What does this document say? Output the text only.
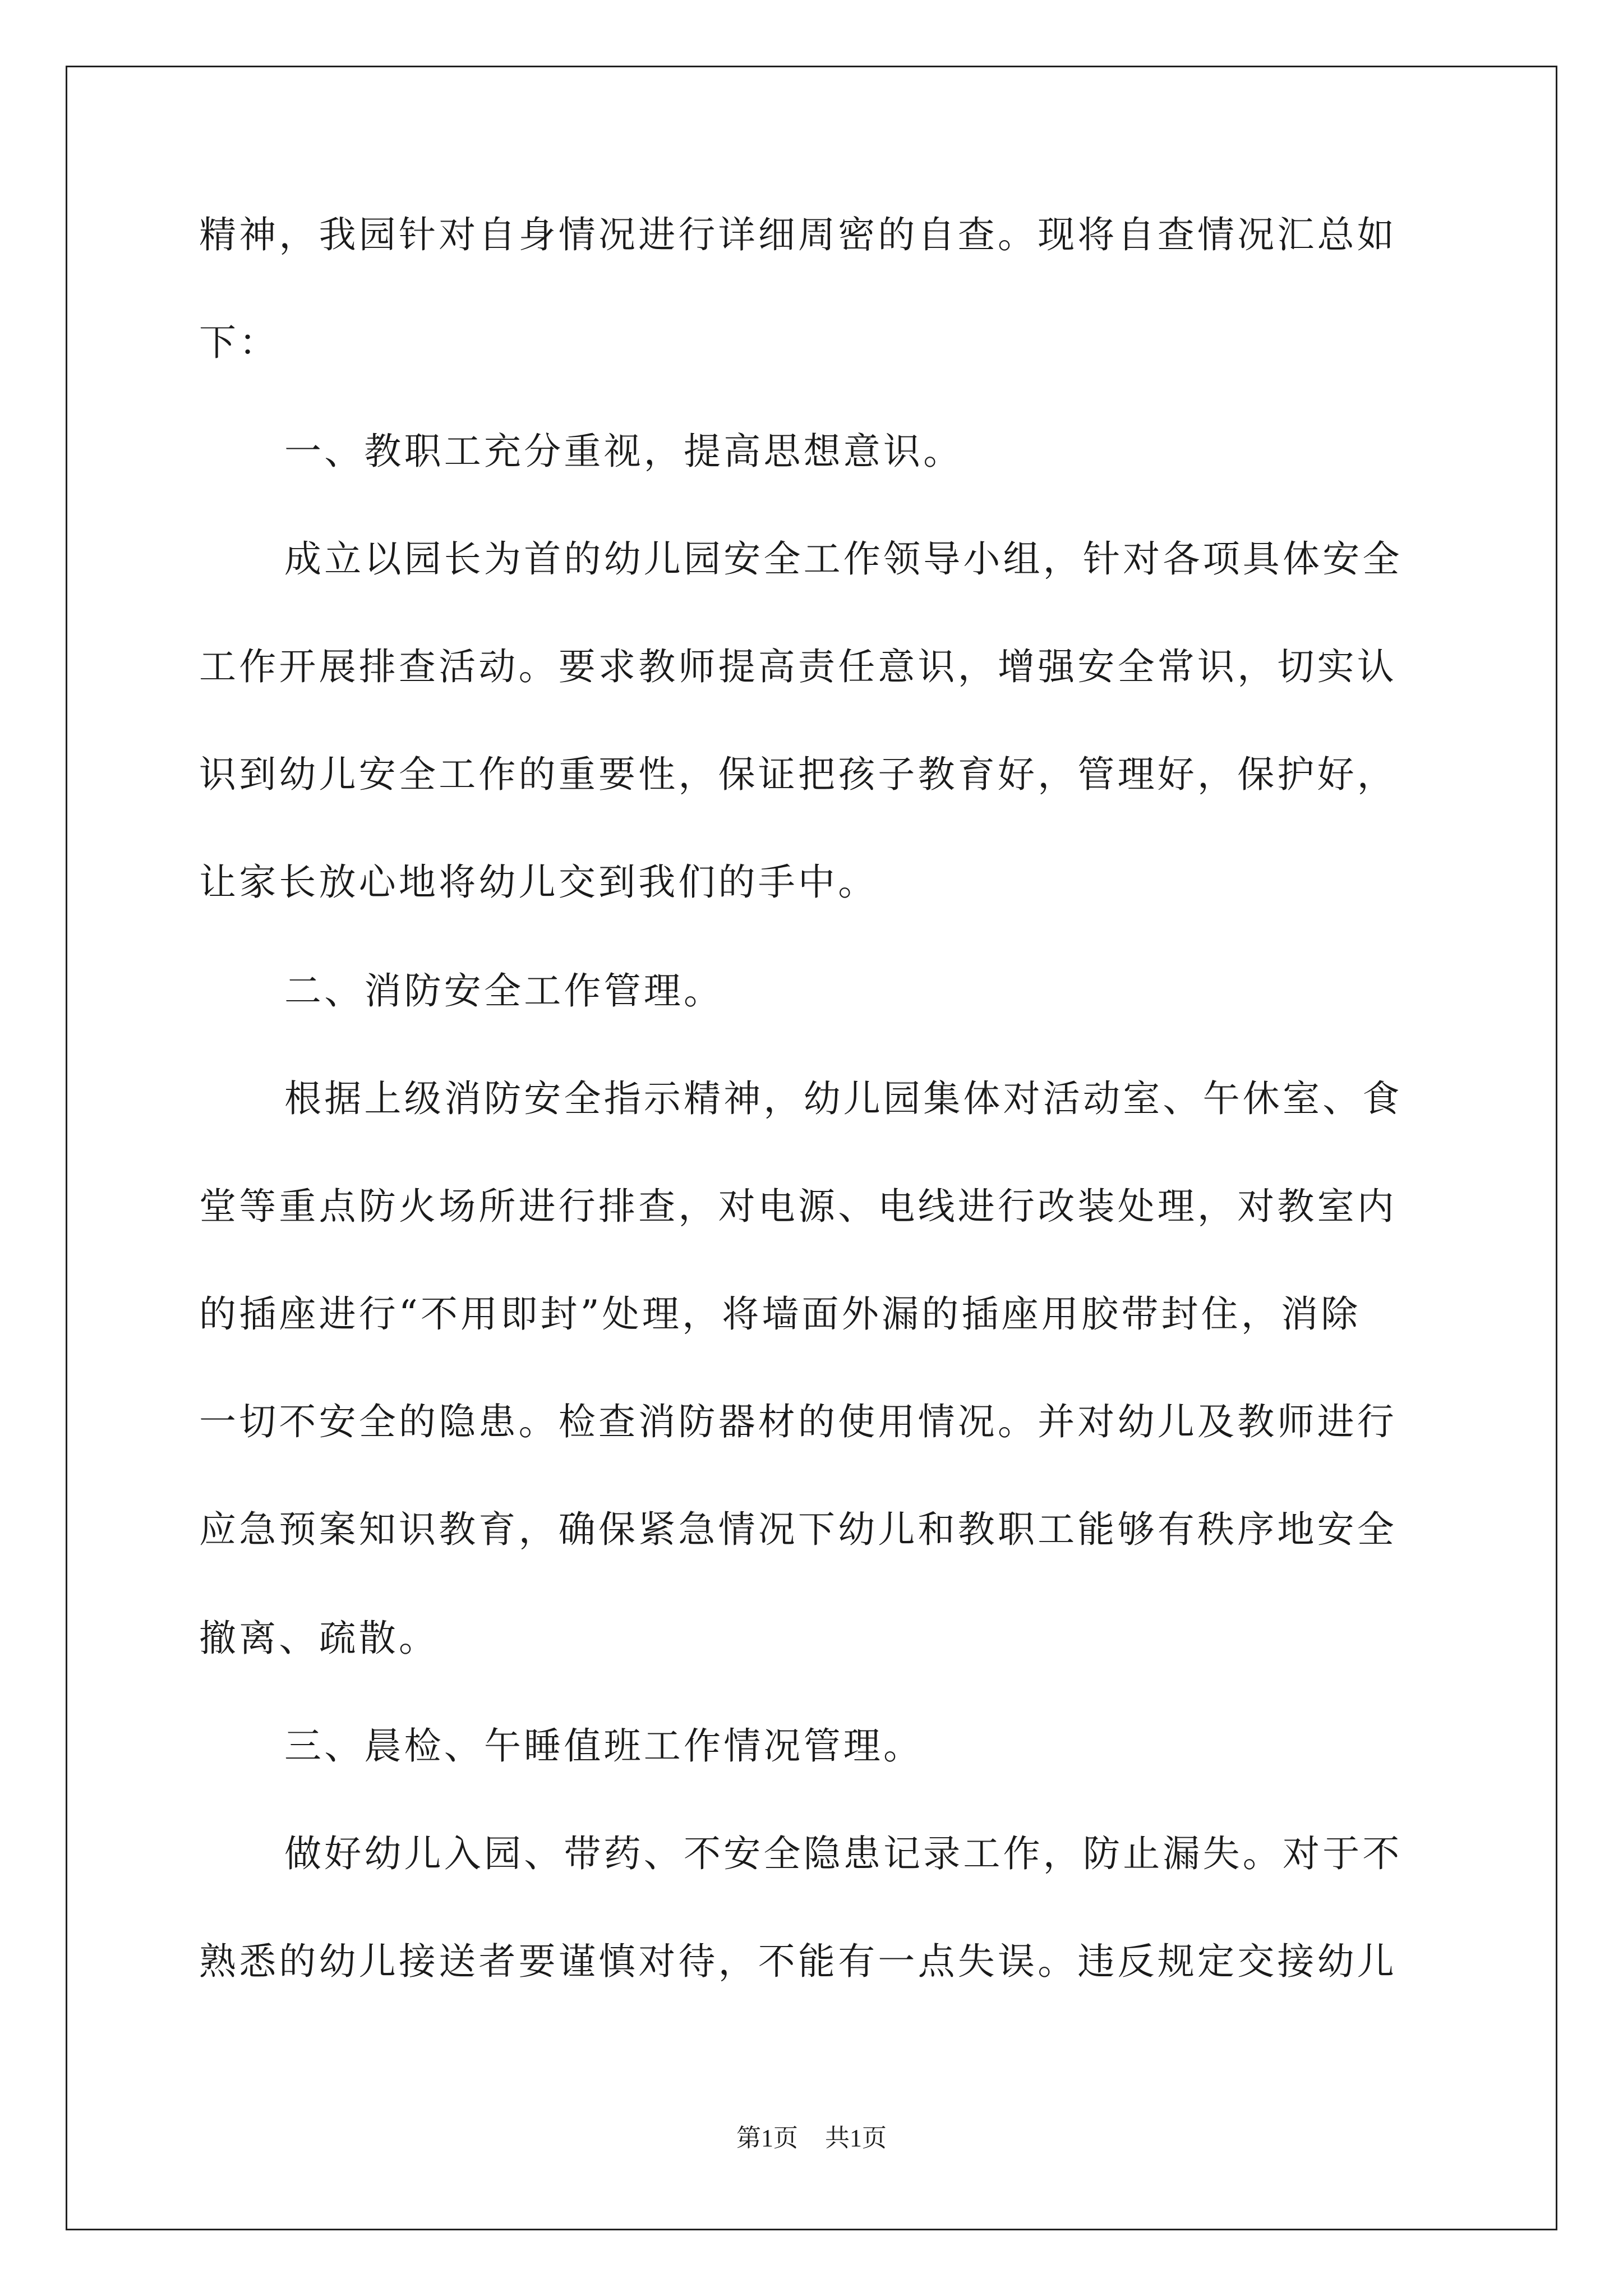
精神，我园针对自身情况进行详细周密的自查。现将自查情况汇总如
下：
一、教职工充分重视，提高思想意识。
成立以园长为首的幼儿园安全工作领导小组，针对各项具体安全
工作开展排查活动。要求教师提高责任意识，增强安全常识，切实认
识到幼儿安全工作的重要性，保证把孩子教育好，管理好，保护好，
让家长放心地将幼儿交到我们的手中。
二、消防安全工作管理。
根据上级消防安全指示精神，幼儿园集体对活动室、午休室、食
堂等重点防火场所进行排查，对电源、电线进行改装处理，对教室内
的插座进行“不用即封”处理，将墙面外漏的插座用胶带封住，消除
一切不安全的隐患。检查消防器材的使用情况。并对幼儿及教师进行
应急预案知识教育，确保紧急情况下幼儿和教职工能够有秩序地安全
撤离、疏散。
三、晨检、午睡值班工作情况管理。
做好幼儿入园、带药、不安全隐患记录工作，防止漏失。对于不
熟悉的幼儿接送者要谨慎对待，不能有一点失误。违反规定交接幼儿
第1页 共1页
